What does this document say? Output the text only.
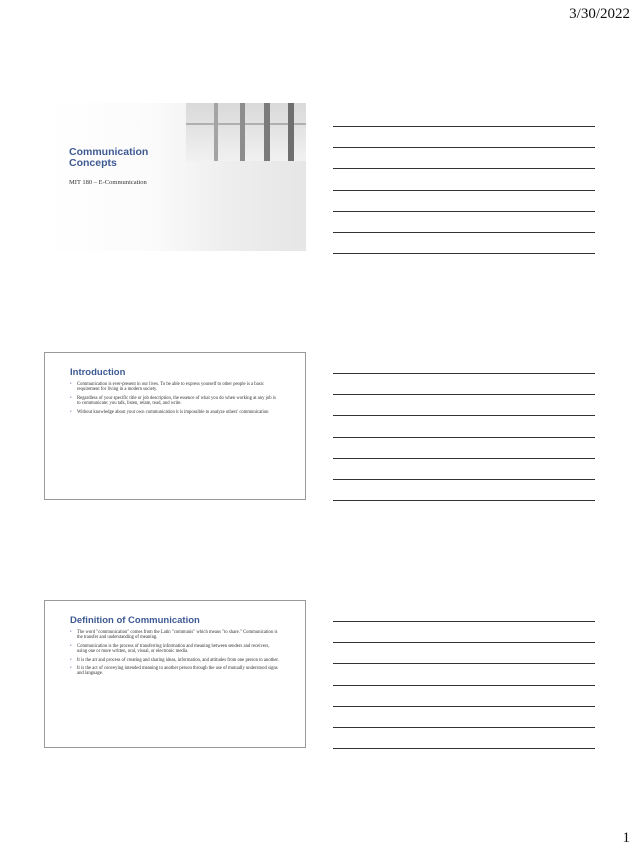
3/30/2022
Communication Concepts
MIT 180 – E-Communication
Introduction
• Communication is ever-present in our lives. To be able to express yourself to other people is a basic requirement for living in a modern society.
• Regardless of your specific title or job description, the essence of what you do when working at any job is to communicate; you talk, listen, relate, read, and write.
• Without knowledge about your own communication it is impossible to analyze others' communication
Definition of Communication
• The word "communication" comes from the Latin "communis" which means "to share." Communication is the transfer and understanding of meaning.
• Communication is the process of transferring information and meaning between senders and receivers, using one or more written, oral, visual, or electronic media.
• It is the art and process of creating and sharing ideas, information, and attitudes from one person to another.
• It is the act of conveying intended meaning to another person through the use of mutually understood signs and language.
1
